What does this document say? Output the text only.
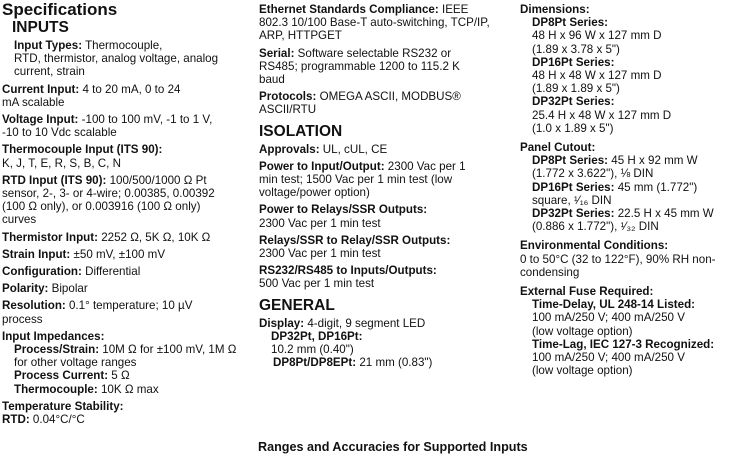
Specifications
INPUTS

Input Types: Thermocouple,
RTD, thermistor, analog voltage, analog current, strain

Current Input: 4 to 20 mA, 0 to 24 mA scalable

Voltage Input: -100 to 100 mV, -1 to 1 V, -10 to 10 Vdc scalable

Thermocouple Input (ITS 90):
K, J, T, E, R, S, B, C, N

RTD Input (ITS 90): 100/500/1000 Ω Pt sensor, 2-, 3- or 4-wire; 0.00385, 0.00392 (100 Ω only), or 0.003916 (100 Ω only) curves

Thermistor Input: 2252 Ω, 5K Ω, 10K Ω

Strain Input: ±50 mV, ±100 mV

Configuration: Differential

Polarity: Bipolar

Resolution: 0.1° temperature; 10 µV process

Input Impedances:

Process/Strain: 10M Ω for ±100 mV, 1M Ω for other voltage ranges

Process Current: 5 Ω

Thermocouple: 10K Ω max

Temperature Stability:

RTD: 0.04°C/°C

Ethernet Standards Compliance: IEEE 802.3 10/100 Base-T auto-switching, TCP/IP, ARP, HTTPGET

Serial: Software selectable RS232 or RS485; programmable 1200 to 115.2 K baud

Protocols: OMEGA ASCII, MODBUS® ASCII/RTU

ISOLATION

Approvals: UL, cUL, CE

Power to Input/Output: 2300 Vac per 1 min test; 1500 Vac per 1 min test (low voltage/power option)

Power to Relays/SSR Outputs:
2300 Vac per 1 min test

Relays/SSR to Relay/SSR Outputs:
2300 Vac per 1 min test

RS232/RS485 to Inputs/Outputs:
500 Vac per 1 min test

GENERAL

Display: 4-digit, 9 segment LED

DP32Pt, DP16Pt:
10.2 mm (0.40")

DP8Pt/DP8EPt: 21 mm (0.83")

Dimensions:

DP8Pt Series:
48 H x 96 W x 127 mm D
(1.89 x 3.78 x 5")
DP16Pt Series:
48 H x 48 W x 127 mm D
(1.89 x 1.89 x 5")
DP32Pt Series:
25.4 H x 48 W x 127 mm D
(1.0 x 1.89 x 5")

Panel Cutout:

DP8Pt Series: 45 H x 92 mm W (1.772 x 3.622"), ⅛ DIN

DP16Pt Series: 45 mm (1.772") square, ¹⁄₁₆ DIN

DP32Pt Series: 22.5 H x 45 mm W (0.886 x 1.772"), ¹⁄₃₂ DIN

Environmental Conditions:
0 to 50°C (32 to 122°F), 90% RH non-condensing

External Fuse Required:

Time-Delay, UL 248-14 Listed:
100 mA/250 V; 400 mA/250 V
(low voltage option)
Time-Lag, IEC 127-3 Recognized:
100 mA/250 V; 400 mA/250 V
(low voltage option)
Ranges and Accuracies for Supported Inputs
